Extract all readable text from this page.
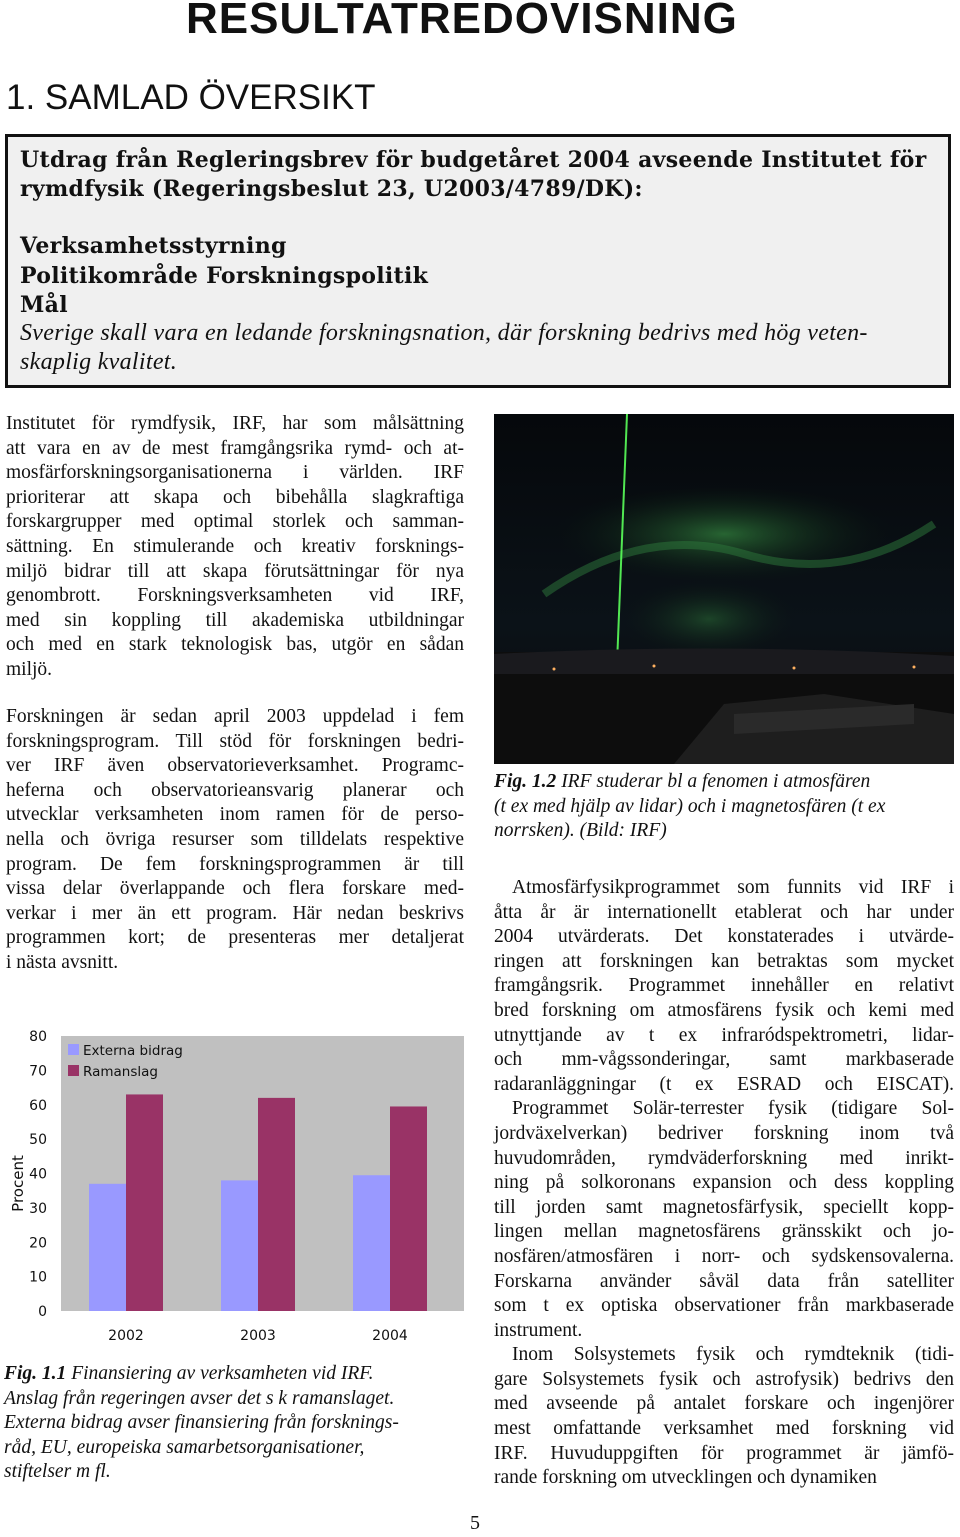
RESULTATREDOVISNING
1. SAMLAD ÖVERSIKT
Utdrag från Regleringsbrev för budgetåret 2004 avseende Institutet för
rymdfysik (Regeringsbeslut 23, U2003/4789/DK):
Verksamhetsstyrning
Politikområde Forskningspolitik
Mål
Sverige skall vara en ledande forskningsnation, där forskning bedrivs med hög veten-
skaplig kvalitet.
Institutet för rymdfysik, IRF, har som målsättning
att vara en av de mest framgångsrika rymd- och at-
mosfärforskningsorganisationerna i världen. IRF
prioriterar att skapa och bibehålla slagkraftiga
forskargrupper med optimal storlek och samman-
sättning. En stimulerande och kreativ forsknings-
miljö bidrar till att skapa förutsättningar för nya
genombrott. Forskningsverksamheten vid IRF,
med sin koppling till akademiska utbildningar
och med en stark teknologisk bas, utgör en sådan
miljö.
Forskningen är sedan april 2003 uppdelad i fem
forskningsprogram. Till stöd för forskningen bedri-
ver IRF även observatorieverksamhet. Programc-
heferna och observatorieansvarig planerar och
utvecklar verksamheten inom ramen för de perso-
nella och övriga resurser som tilldelats respektive
program. De fem forskningsprogrammen är till
vissa delar överlappande och flera forskare med-
verkar i mer än ett program. Här nedan beskrivs
programmen kort; de presenteras mer detaljerat
i nästa avsnitt.
Fig. 1.2 IRF studerar bl a fenomen i atmosfären
(t ex med hjälp av lidar) och i magnetosfären (t ex
norrsken). (Bild: IRF)
Atmosfärfysikprogrammet som funnits vid IRF i
åtta år är internationellt etablerat och har under
2004 utvärderats. Det konstaterades i utvärde-
ringen att forskningen kan betraktas som mycket
framgångsrik. Programmet innehåller en relativt
bred forskning om atmosfärens fysik och kemi med
utnyttjande av t ex infraródspektrometri, lidar-
och mm-vågssonderingar, samt markbaserade
radaranläggningar (t ex ESRAD och EISCAT).
Programmet Solär-terrester fysik (tidigare Sol-
jordväxelverkan) bedriver forskning inom två
huvudområden, rymdväderforskning med inrikt-
ning på solkoronans expansion och dess koppling
till jorden samt magnetosfärfysik, speciellt kopp-
lingen mellan magnetosfärens gränsskikt och jo-
nosfären/atmosfären i norr- och sydskensovalerna.
Forskarna använder såväl data från satelliter
som t ex optiska observationer från markbaserade
instrument.
Inom Solsystemets fysik och rymdteknik (tidi-
gare Solsystemets fysik och astrofysik) bedrivs den
med avseende på antalet forskare och ingenjörer
mest omfattande verksamhet med forskning vid
IRF. Huvuduppgiften för programmet är jämfö-
rande forskning om utvecklingen och dynamiken
0
10
20
30
40
50
60
70
80
Procent
2002	2003	2004
Externa bidrag
Ramanslag
Fig. 1.1 Finansiering av verksamheten vid IRF.
Anslag från regeringen avser det s k ramanslaget.
Externa bidrag avser finansiering från forsknings-
råd, EU, europeiska samarbetsorganisationer,
stiftelser m fl.
5
